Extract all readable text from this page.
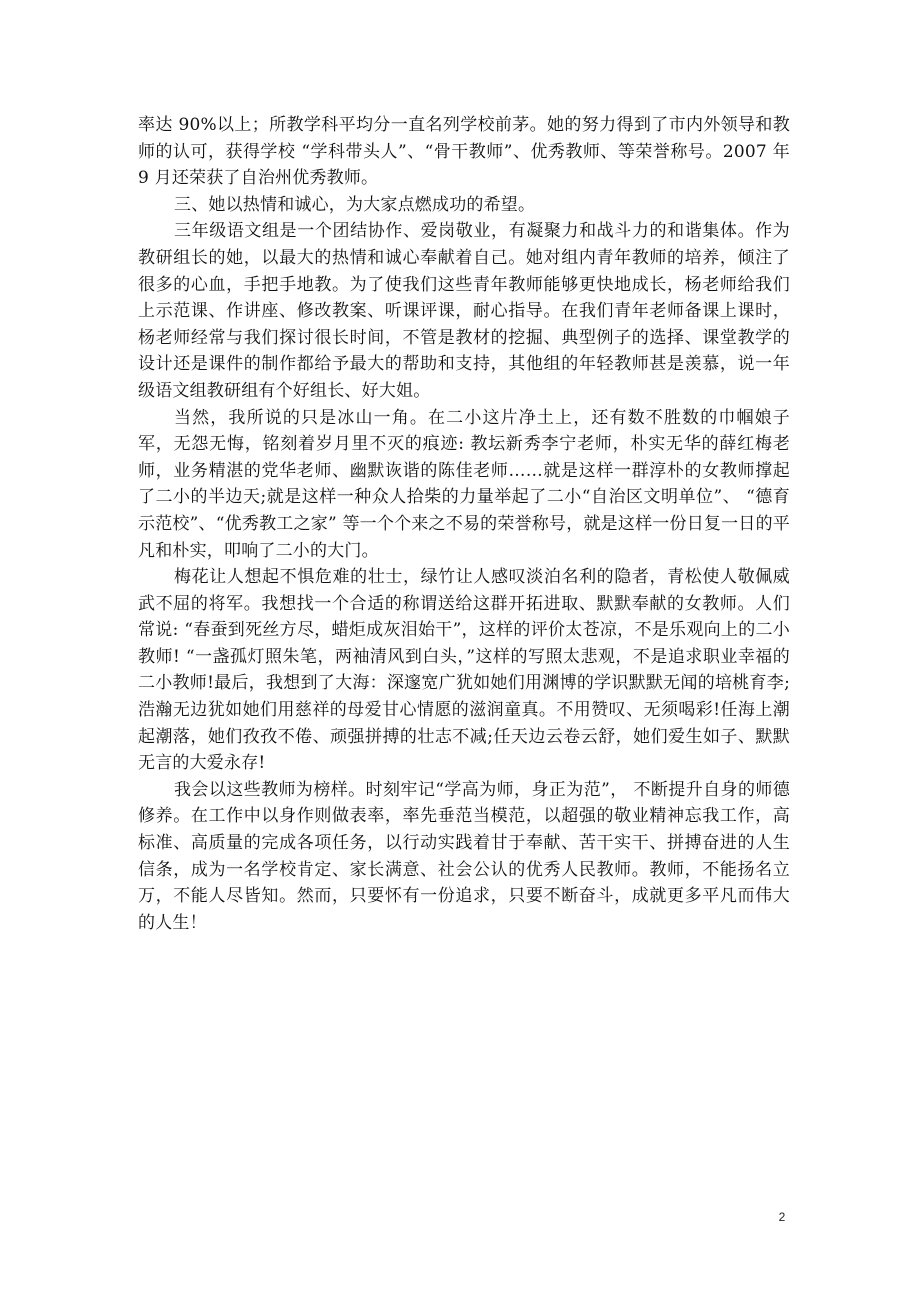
率达 90%以上；所教学科平均分一直名列学校前茅。她的努力得到了市内外领导和教师的认可，获得学校 “学科带头人”、“骨干教师”、优秀教师、等荣誉称号。2007 年 9 月还荣获了自治州优秀教师。

三、她以热情和诚心，为大家点燃成功的希望。

三年级语文组是一个团结协作、爱岗敬业，有凝聚力和战斗力的和谐集体。作为教研组长的她，以最大的热情和诚心奉献着自己。她对组内青年教师的培养，倾注了很多的心血，手把手地教。为了使我们这些青年教师能够更快地成长，杨老师给我们上示范课、作讲座、修改教案、听课评课，耐心指导。在我们青年老师备课上课时，杨老师经常与我们探讨很长时间，不管是教材的挖掘、典型例子的选择、课堂教学的设计还是课件的制作都给予最大的帮助和支持，其他组的年轻教师甚是羡慕，说一年级语文组教研组有个好组长、好大姐。

当然，我所说的只是冰山一角。在二小这片净土上，还有数不胜数的巾帼娘子军，无怨无悔，铭刻着岁月里不灭的痕迹: 教坛新秀李宁老师，朴实无华的薛红梅老师，业务精湛的党华老师、幽默诙谐的陈佳老师……就是这样一群淳朴的女教师撑起了二小的半边天;就是这样一种众人拾柴的力量举起了二小“自治区文明单位”、 “德育示范校”、“优秀教工之家” 等一个个来之不易的荣誉称号，就是这样一份日复一日的平凡和朴实，叩响了二小的大门。

梅花让人想起不惧危难的壮士，绿竹让人感叹淡泊名利的隐者，青松使人敬佩威武不屈的将军。我想找一个合适的称谓送给这群开拓进取、默默奉献的女教师。人们常说: “春蚕到死丝方尽，蜡炬成灰泪始干”，这样的评价太苍凉，不是乐观向上的二小教师! “一盏孤灯照朱笔，两袖清风到白头，”这样的写照太悲观，不是追求职业幸福的二小教师!最后，我想到了大海：深邃宽广犹如她们用渊博的学识默默无闻的培桃育李;浩瀚无边犹如她们用慈祥的母爱甘心情愿的滋润童真。不用赞叹、无须喝彩!任海上潮起潮落，她们孜孜不倦、顽强拼搏的壮志不减;任天边云卷云舒，她们爱生如子、默默无言的大爱永存!

我会以这些教师为榜样。时刻牢记“学高为师，身正为范”， 不断提升自身的师德修养。在工作中以身作则做表率，率先垂范当模范，以超强的敬业精神忘我工作，高标准、高质量的完成各项任务，以行动实践着甘于奉献、苦干实干、拼搏奋进的人生信条，成为一名学校肯定、家长满意、社会公认的优秀人民教师。教师，不能扬名立万，不能人尽皆知。然而，只要怀有一份追求，只要不断奋斗，成就更多平凡而伟大的人生！

2
